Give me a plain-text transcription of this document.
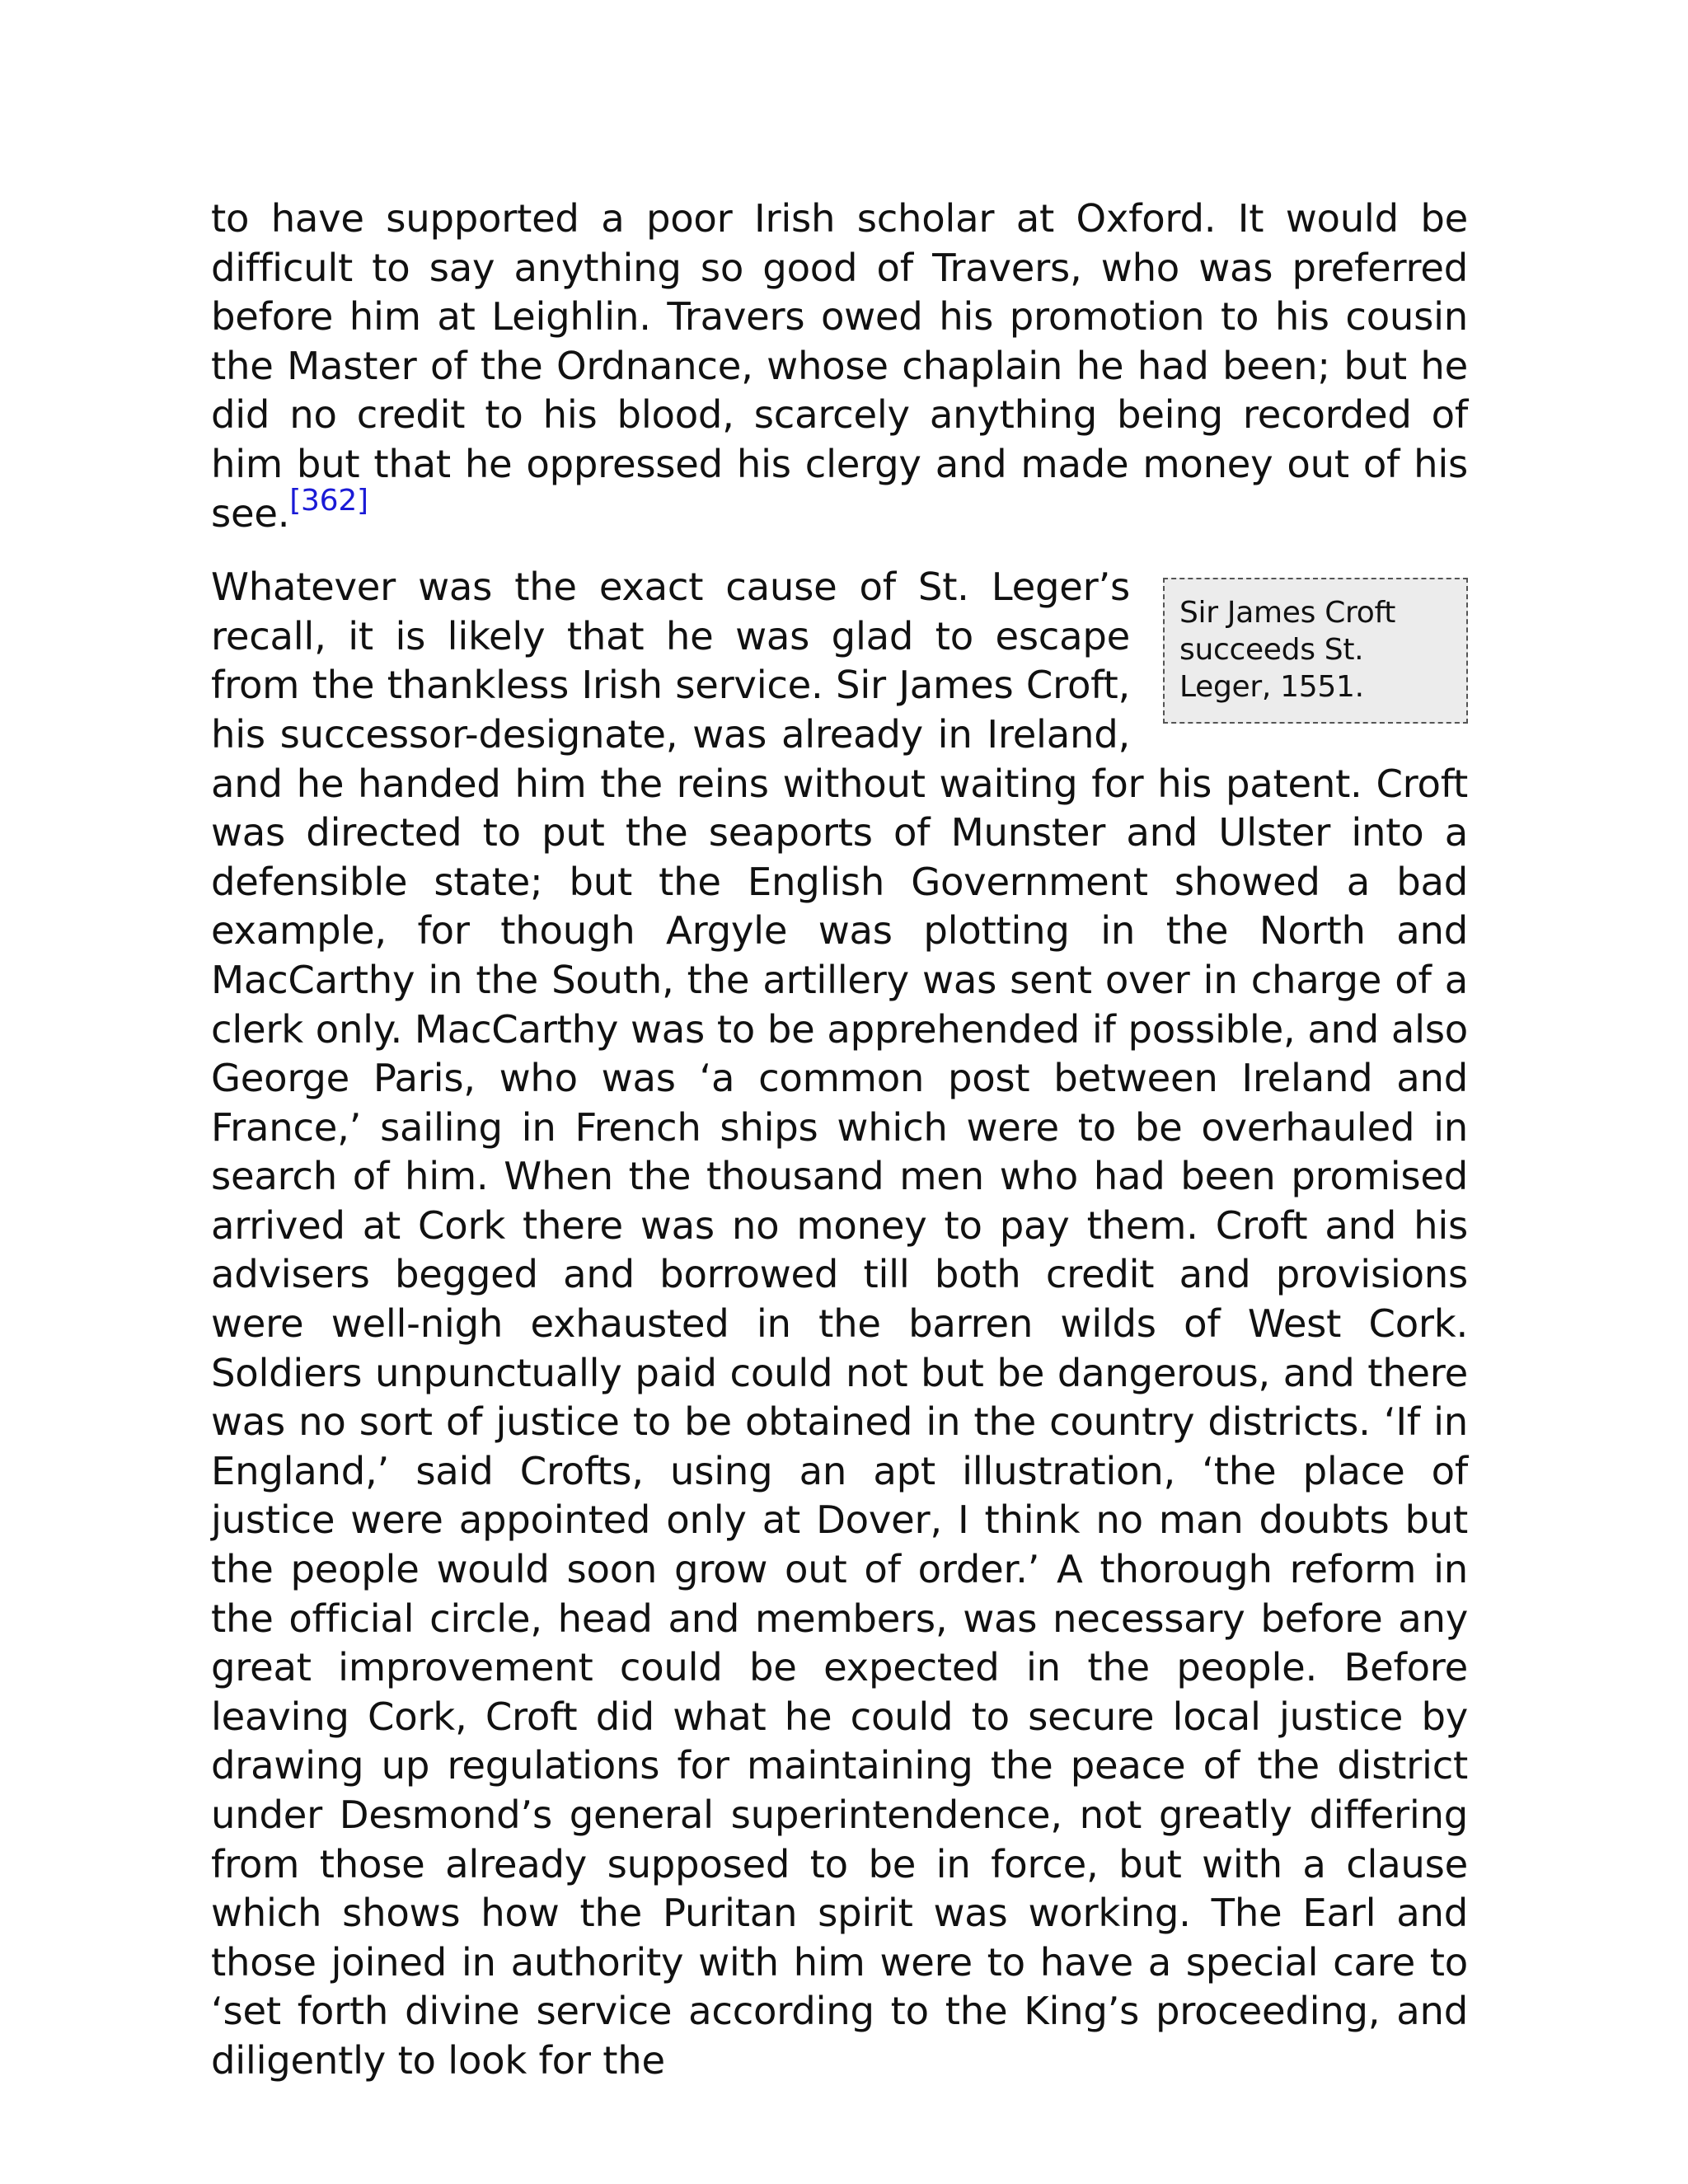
to have supported a poor Irish scholar at Oxford. It would be difficult to say anything so good of Travers, who was preferred before him at Leighlin. Travers owed his promotion to his cousin the Master of the Ordnance, whose chaplain he had been; but he did no credit to his blood, scarcely anything being recorded of him but that he oppressed his clergy and made money out of his see.[362]

Sir James Croft succeeds St. Leger, 1551.
Whatever was the exact cause of St. Leger’s recall, it is likely that he was glad to escape from the thankless Irish service. Sir James Croft, his successor-designate, was already in Ireland, and he handed him the reins without waiting for his patent. Croft was directed to put the seaports of Munster and Ulster into a defensible state; but the English Government showed a bad example, for though Argyle was plotting in the North and MacCarthy in the South, the artillery was sent over in charge of a clerk only. MacCarthy was to be apprehended if possible, and also George Paris, who was ‘a common post between Ireland and France,’ sailing in French ships which were to be overhauled in search of him. When the thousand men who had been promised arrived at Cork there was no money to pay them. Croft and his advisers begged and borrowed till both credit and provisions were well-nigh exhausted in the barren wilds of West Cork. Soldiers unpunctually paid could not but be dangerous, and there was no sort of justice to be obtained in the country districts. ‘If in England,’ said Crofts, using an apt illustration, ‘the place of justice were appointed only at Dover, I think no man doubts but the people would soon grow out of order.’ A thorough reform in the official circle, head and members, was necessary before any great improvement could be expected in the people. Before leaving Cork, Croft did what he could to secure local justice by drawing up regulations for maintaining the peace of the district under Desmond’s general superintendence, not greatly differing from those already supposed to be in force, but with a clause which shows how the Puritan spirit was working. The Earl and those joined in authority with him were to have a special care to ‘set forth divine service according to the King’s proceeding, and diligently to look for the
